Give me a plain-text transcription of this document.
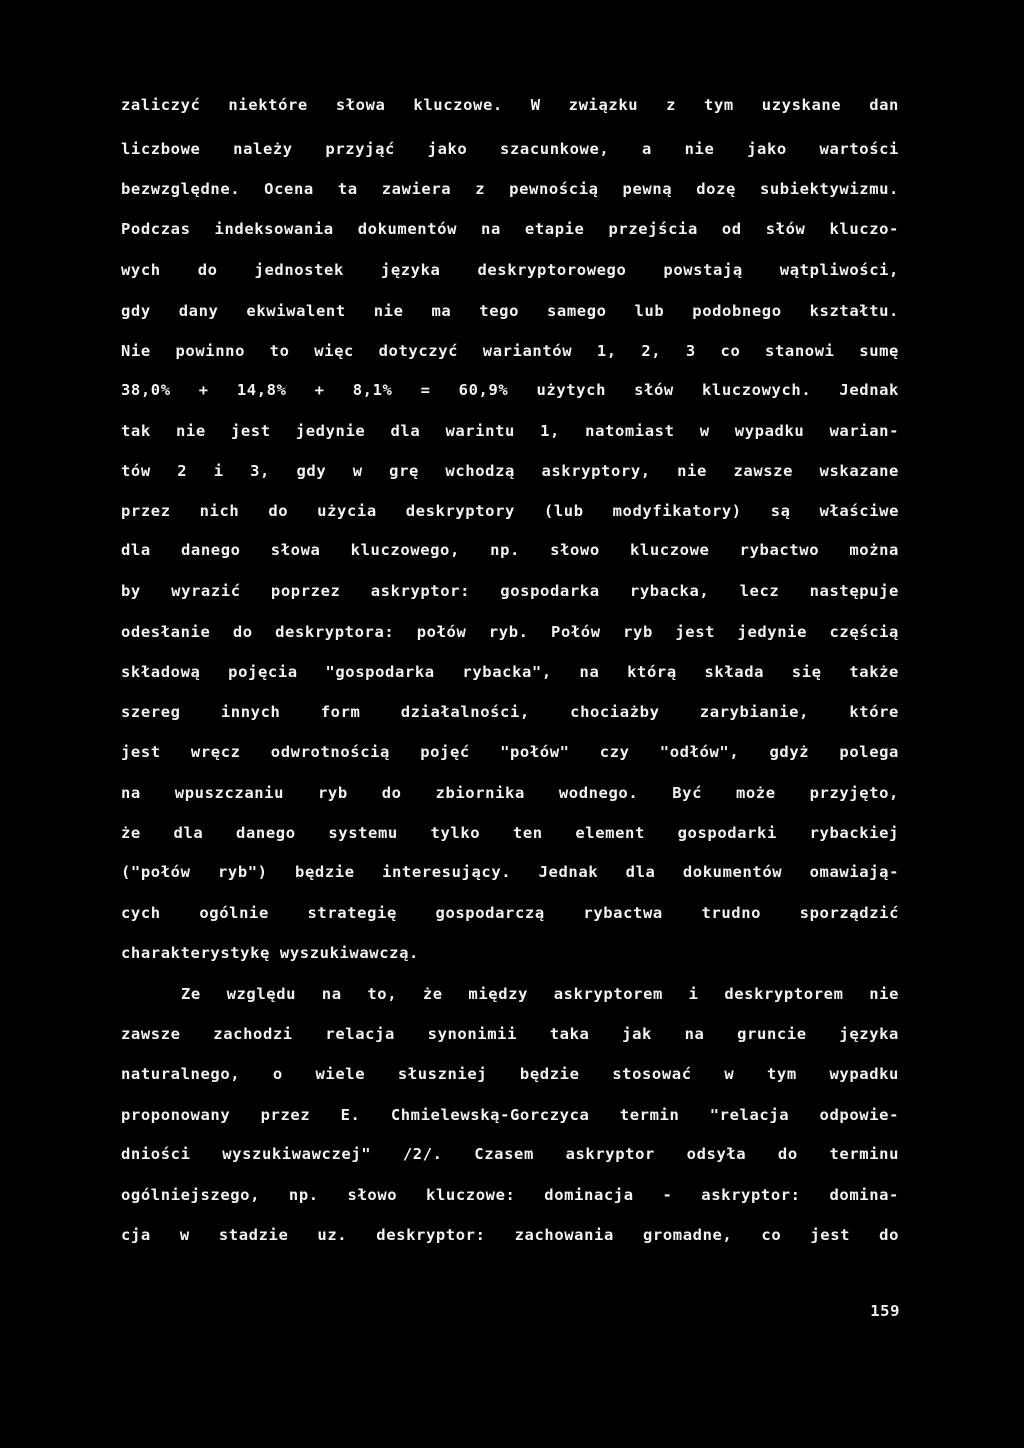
zaliczyć niektóre słowa kluczowe. W związku z tym uzyskane dan
liczbowe należy przyjąć jako szacunkowe, a nie jako wartości
bezwzględne. Ocena ta zawiera z pewnością pewną dozę subiektywizmu.
Podczas indeksowania dokumentów na etapie przejścia od słów kluczo-
wych do jednostek języka deskryptorowego powstają wątpliwości,
gdy dany ekwiwalent nie ma tego samego lub podobnego kształtu.
Nie powinno to więc dotyczyć wariantów 1, 2, 3 co stanowi sumę
38,0% + 14,8% + 8,1% = 60,9% użytych słów kluczowych. Jednak
tak nie jest jedynie dla warintu 1, natomiast w wypadku warian-
tów 2 i 3, gdy w grę wchodzą askryptory, nie zawsze wskazane
przez nich do użycia deskryptory (lub modyfikatory) są właściwe
dla danego słowa kluczowego, np. słowo kluczowe rybactwo można
by wyrazić poprzez askryptor: gospodarka rybacka, lecz następuje
odesłanie do deskryptora: połów ryb. Połów ryb jest jedynie częścią
składową pojęcia "gospodarka rybacka", na którą składa się także
szereg innych form działalności, chociażby zarybianie, które
jest wręcz odwrotnością pojęć "połów" czy "odłów", gdyż polega
na wpuszczaniu ryb do zbiornika wodnego. Być może przyjęto,
że dla danego systemu tylko ten element gospodarki rybackiej
("połów ryb") będzie interesujący. Jednak dla dokumentów omawiają-
cych ogólnie strategię gospodarczą rybactwa trudno sporządzić
charakterystykę wyszukiwawczą.
Ze względu na to, że między askryptorem i deskryptorem nie
zawsze zachodzi relacja synonimii taka jak na gruncie języka
naturalnego, o wiele słuszniej będzie stosować w tym wypadku
proponowany przez E. Chmielewską-Gorczyca termin "relacja odpowie-
dniości wyszukiwawczej" /2/. Czasem askryptor odsyła do terminu
ogólniejszego, np. słowo kluczowe: dominacja - askryptor: domina-
cja w stadzie uz. deskryptor: zachowania gromadne, co jest do
159
